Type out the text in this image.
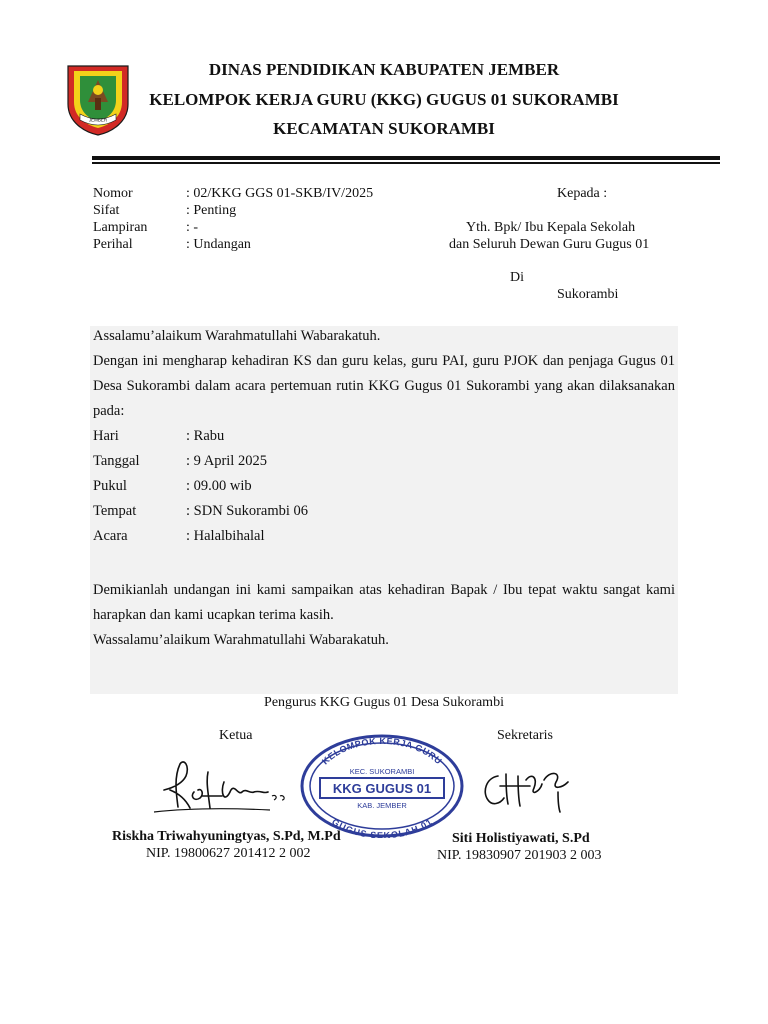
JEMBER
DINAS PENDIDIKAN KABUPATEN JEMBER
KELOMPOK KERJA GURU (KKG) GUGUS 01 SUKORAMBI
KECAMATAN SUKORAMBI
Nomor	: 02/KKG GGS 01-SKB/IV/2025
Sifat	: Penting
Lampiran	: -
Perihal	: Undangan
Kepada :
Yth. Bpk/ Ibu Kepala Sekolah
dan Seluruh Dewan Guru Gugus 01
Di
Sukorambi
Assalamu’alaikum Warahmatullahi Wabarakatuh.
Dengan ini mengharap kehadiran KS dan guru kelas, guru PAI, guru PJOK dan penjaga Gugus 01 Desa Sukorambi dalam acara pertemuan rutin KKG Gugus 01 Sukorambi yang akan dilaksanakan pada:
Hari	: Rabu
Tanggal	: 9 April 2025
Pukul	: 09.00 wib
Tempat	: SDN Sukorambi 06
Acara	: Halalbihalal
Demikianlah undangan ini kami sampaikan atas kehadiran Bapak / Ibu tepat waktu sangat kami harapkan dan kami ucapkan terima kasih.
Wassalamu’alaikum Warahmatullahi Wabarakatuh.
Pengurus KKG Gugus 01 Desa Sukorambi
Ketua	Sekretaris
KELOMPOK KERJA GURU
GUGUS SEKOLAH 01
KEC. SUKORAMBI
KKG GUGUS 01
KAB. JEMBER
Riskha Triwahyuningtyas, S.Pd, M.Pd
NIP. 19800627 201412 2 002
Siti Holistiyawati, S.Pd
NIP. 19830907 201903 2 003
